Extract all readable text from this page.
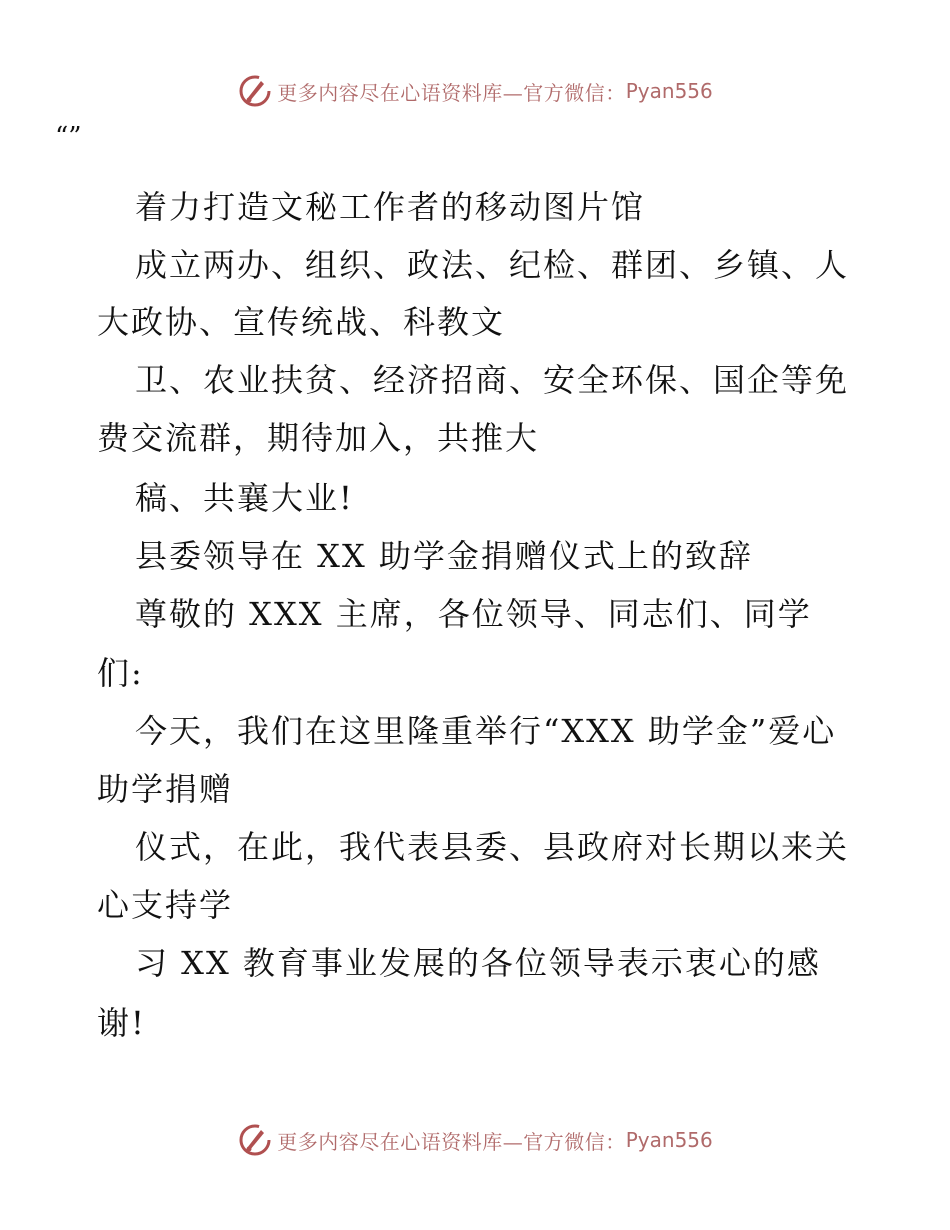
更多内容尽在心语资料库—官方微信： Pyan556
“”
着力打造文秘工作者的移动图片馆
成立两办、组织、政法、纪检、群团、乡镇、人
大政协、宣传统战、科教文
卫、农业扶贫、经济招商、安全环保、国企等免
费交流群，期待加入，共推大
稿、共襄大业!
县委领导在 XX 助学金捐赠仪式上的致辞
尊敬的 XXX 主席，各位领导、同志们、同学
们:
今天，我们在这里隆重举行“XXX 助学金”爱心
助学捐赠
仪式，在此，我代表县委、县政府对长期以来关
心支持学
习 XX 教育事业发展的各位领导表示衷心的感
谢!
更多内容尽在心语资料库—官方微信： Pyan556
